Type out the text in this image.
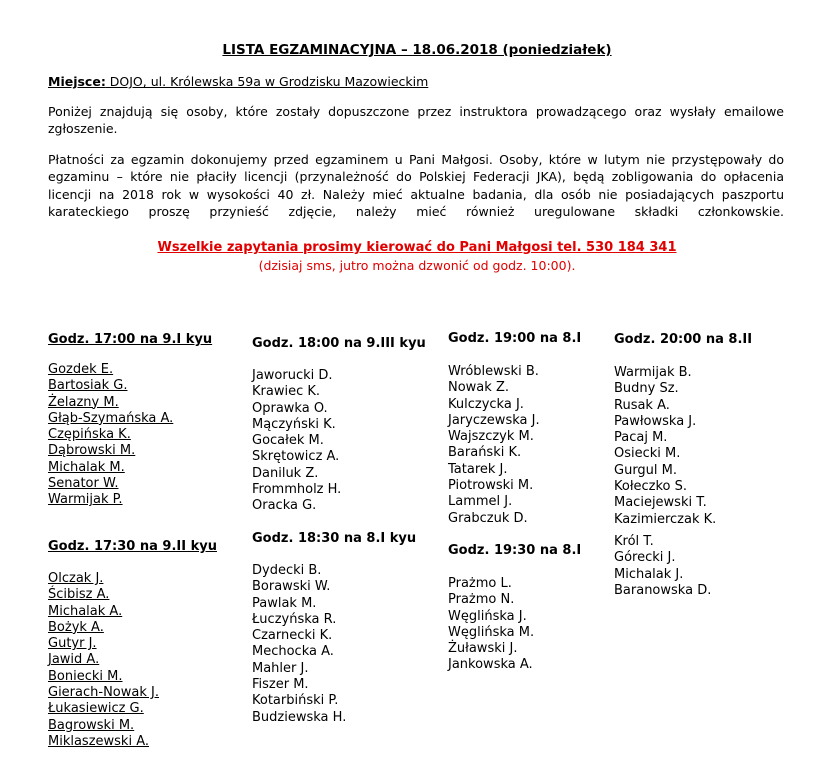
LISTA EGZAMINACYJNA – 18.06.2018 (poniedziałek)
Miejsce: DOJO, ul. Królewska 59a w Grodzisku Mazowieckim
Poniżej znajdują się osoby, które zostały dopuszczone przez instruktora prowadzącego oraz wysłały emailowe zgłoszenie.
Płatności za egzamin dokonujemy przed egzaminem u Pani Małgosi. Osoby, które w lutym nie przystępowały do egzaminu – które nie płaciły licencji (przynależność do Polskiej Federacji JKA), będą zobligowania do opłacenia licencji na 2018 rok w wysokości 40 zł. Należy mieć aktualne badania, dla osób nie posiadających paszportu karateckiego proszę przynieść zdjęcie, należy mieć również uregulowane składki członkowskie.
Wszelkie zapytania prosimy kierować do Pani Małgosi tel. 530 184 341
(dzisiaj sms, jutro można dzwonić od godz. 10:00).
Godz. 17:00 na 9.I kyu
Gozdek E.
Bartosiak G.
Żelazny M.
Głąb-Szymańska A.
Czępińska K.
Dąbrowski M.
Michalak M.
Senator W.
Warmijak P.
Godz. 17:30 na 9.II kyu
Olczak J.
Ścibisz A.
Michalak A.
Bożyk A.
Gutyr J.
Jawid A.
Boniecki M.
Gierach-Nowak J.
Łukasiewicz G.
Bagrowski M.
Miklaszewski A.
Godz. 18:00 na 9.III kyu
Jaworucki D.
Krawiec K.
Oprawka O.
Mączyński K.
Gocałek M.
Skrętowicz A.
Daniluk Z.
Frommholz H.
Oracka G.
Godz. 18:30 na 8.I kyu
Dydecki B.
Borawski W.
Pawlak M.
Łuczyńska R.
Czarnecki K.
Mechocka A.
Mahler J.
Fiszer M.
Kotarbiński P.
Budziewska H.
Godz. 19:00 na 8.I
Wróblewski B.
Nowak Z.
Kulczycka J.
Jaryczewska J.
Wajszczyk M.
Barański K.
Tatarek J.
Piotrowski M.
Lammel J.
Grabczuk D.
Godz. 19:30 na 8.I
Prażmo L.
Prażmo N.
Węglińska J.
Węglińska M.
Żuławski J.
Jankowska A.
Godz. 20:00 na 8.II
Warmijak B.
Budny Sz.
Rusak A.
Pawłowska J.
Pacaj M.
Osiecki M.
Gurgul M.
Kołeczko S.
Maciejewski T.
Kazimierczak K.
Król T.
Górecki J.
Michalak J.
Baranowska D.
